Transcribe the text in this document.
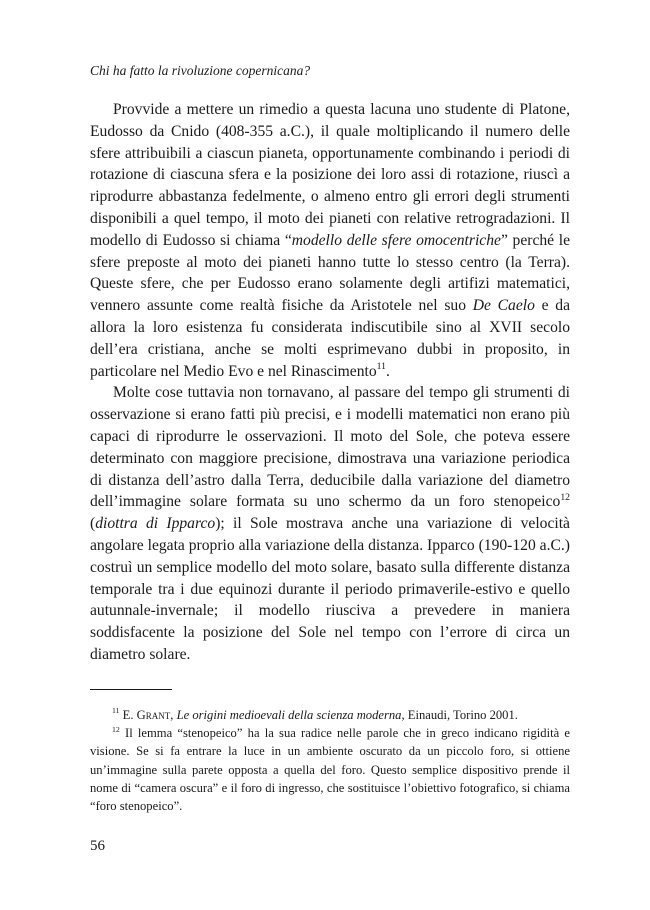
Chi ha fatto la rivoluzione copernicana?

Provvide a mettere un rimedio a questa lacuna uno studente di Platone, Eudosso da Cnido (408-355 a.C.), il quale moltiplicando il numero delle sfere attribuibili a ciascun pianeta, opportunamente combinando i periodi di rotazione di ciascuna sfera e la posizione dei loro assi di rotazione, riuscì a riprodurre abbastanza fedelmente, o almeno entro gli errori degli strumenti disponibili a quel tempo, il moto dei pianeti con relative retrogradazioni. Il modello di Eudosso si chiama “modello delle sfere omocentriche” perché le sfere preposte al moto dei pianeti hanno tutte lo stesso centro (la Terra). Queste sfere, che per Eudosso erano solamente degli artifizi matematici, vennero assunte come realtà fisiche da Aristotele nel suo De Caelo e da allora la loro esistenza fu considerata indiscutibile sino al XVII secolo dell’era cristiana, anche se molti esprimevano dubbi in proposito, in particolare nel Medio Evo e nel Rinascimento$^{11}$.

Molte cose tuttavia non tornavano, al passare del tempo gli strumenti di osservazione si erano fatti più precisi, e i modelli matematici non erano più capaci di riprodurre le osservazioni. Il moto del Sole, che poteva essere determinato con maggiore precisione, dimostrava una variazione periodica di distanza dell’astro dalla Terra, deducibile dalla variazione del diametro dell’immagine solare formata su uno schermo da un foro stenopeico$^{12}$ (diottra di Ipparco); il Sole mostrava anche una variazione di velocità angolare legata proprio alla variazione della distanza. Ipparco (190-120 a.C.) costruì un semplice modello del moto solare, basato sulla differente distanza temporale tra i due equinozi durante il periodo primaverile-estivo e quello autunnale-invernale; il modello riusciva a prevedere in maniera soddisfacente la posizione del Sole nel tempo con l’errore di circa un diametro solare.

$^{11}$ E. Grant, Le origini medioevali della scienza moderna, Einaudi, Torino 2001.

$^{12}$ Il lemma “stenopeico” ha la sua radice nelle parole che in greco indicano rigidità e visione. Se si fa entrare la luce in un ambiente oscurato da un piccolo foro, si ottiene un’immagine sulla parete opposta a quella del foro. Questo semplice dispositivo prende il nome di “camera oscura” e il foro di ingresso, che sostituisce l’obiettivo fotografico, si chiama “foro stenopeico”.

56
